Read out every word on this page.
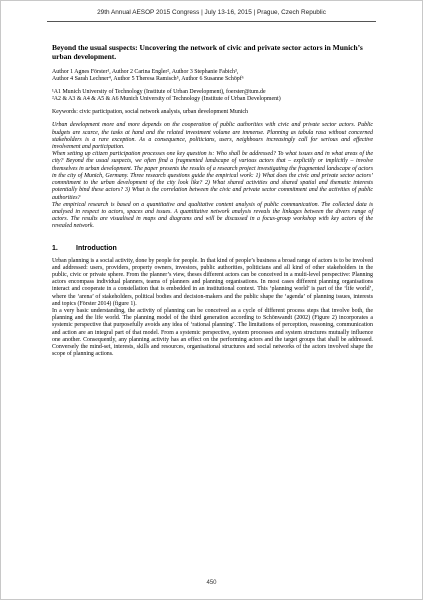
29th Annual AESOP 2015 Congress | July 13-16, 2015 | Prague, Czech Republic

Beyond the usual suspects: Uncovering the network of civic and private sector actors in Munich’s urban development.

Author 1 Agnes Förster¹, Author 2 Carina Engler², Author 3 Stephanie Fabich³,

Author 4 Sarah Lechner⁴, Author 5 Theresa Ramisch⁵, Author 6 Susanne Schöpf⁶

¹A1 Munich University of Technology (Institute of Urban Development), foerster@tum.de

²A2 & A3 & A4 & A5 & A6 Munich University of Technology (Institute of Urban Development)

Keywords: civic participation, social network analysis, urban development Munich

Urban development more and more depends on the cooperation of public authorities with civic and private sector actors. Public budgets are scarce, the tasks at hand and the related investment volume are immense. Planning as tabula rasa without concerned stakeholders is a rare exception. As a consequence, politicians, users, neighbours increasingly call for serious and effective involvement and participation.

When setting up citizen participation processes one key question is: Who shall be addressed? To what issues and in what areas of the city? Beyond the usual suspects, we often find a fragmented landscape of various actors that – explicitly or implicitly – involve themselves in urban development. The paper presents the results of a research project investigating the fragmented landscape of actors in the city of Munich, Germany. Three research questions guide the empirical work: 1) What does the civic and private sector actors’ commitment to the urban development of the city look like? 2) What shared activities and shared spatial and thematic interests potentially bind these actors? 3) What is the correlation between the civic and private sector commitment and the activities of public authorities?

The empirical research is based on a quantitative and qualitative content analysis of public communication. The collected data is analysed in respect to actors, spaces and issues. A quantitative network analysis reveals the linkages between the divers range of actors. The results are visualised in maps and diagrams and will be discussed in a focus-group workshop with key actors of the revealed network.

1.	Introduction

Urban planning is a social activity, done by people for people. In that kind of people’s business a broad range of actors is to be involved and addressed: users, providers, property owners, investors, public authorities, politicians and all kind of other stakeholders in the public, civic or private sphere. From the planner’s view, theses different actors can be conceived in a multi-level perspective: Planning actors encompass individual planners, teams of planners and planning organisations. In most cases different planning organisations interact and cooperate in a constellation that is embedded in an institutional context. This ‘planning world’ is part of the ‘life world’, where the ‘arena’ of stakeholders, political bodies and decision-makers and the public shape the ‘agenda’ of planning issues, interests and topics (Förster 2014) (figure 1).

In a very basic understanding, the activity of planning can be conceived as a cycle of different process steps that involve both, the planning and the life world. The planning model of the third generation according to Schönwandt (2002) (Figure 2) incorporates a systemic perspective that purposefully avoids any idea of ‘rational planning’. The limitations of perception, reasoning, communication and action are an integral part of that model. From a systemic perspective, system processes and system structures mutually influence one another. Consequently, any planning activity has an effect on the performing actors and the target groups that shall be addressed. Conversely the mind-set, interests, skills and resources, organisational structures and social networks of the actors involved shape the scope of planning actions.

450
